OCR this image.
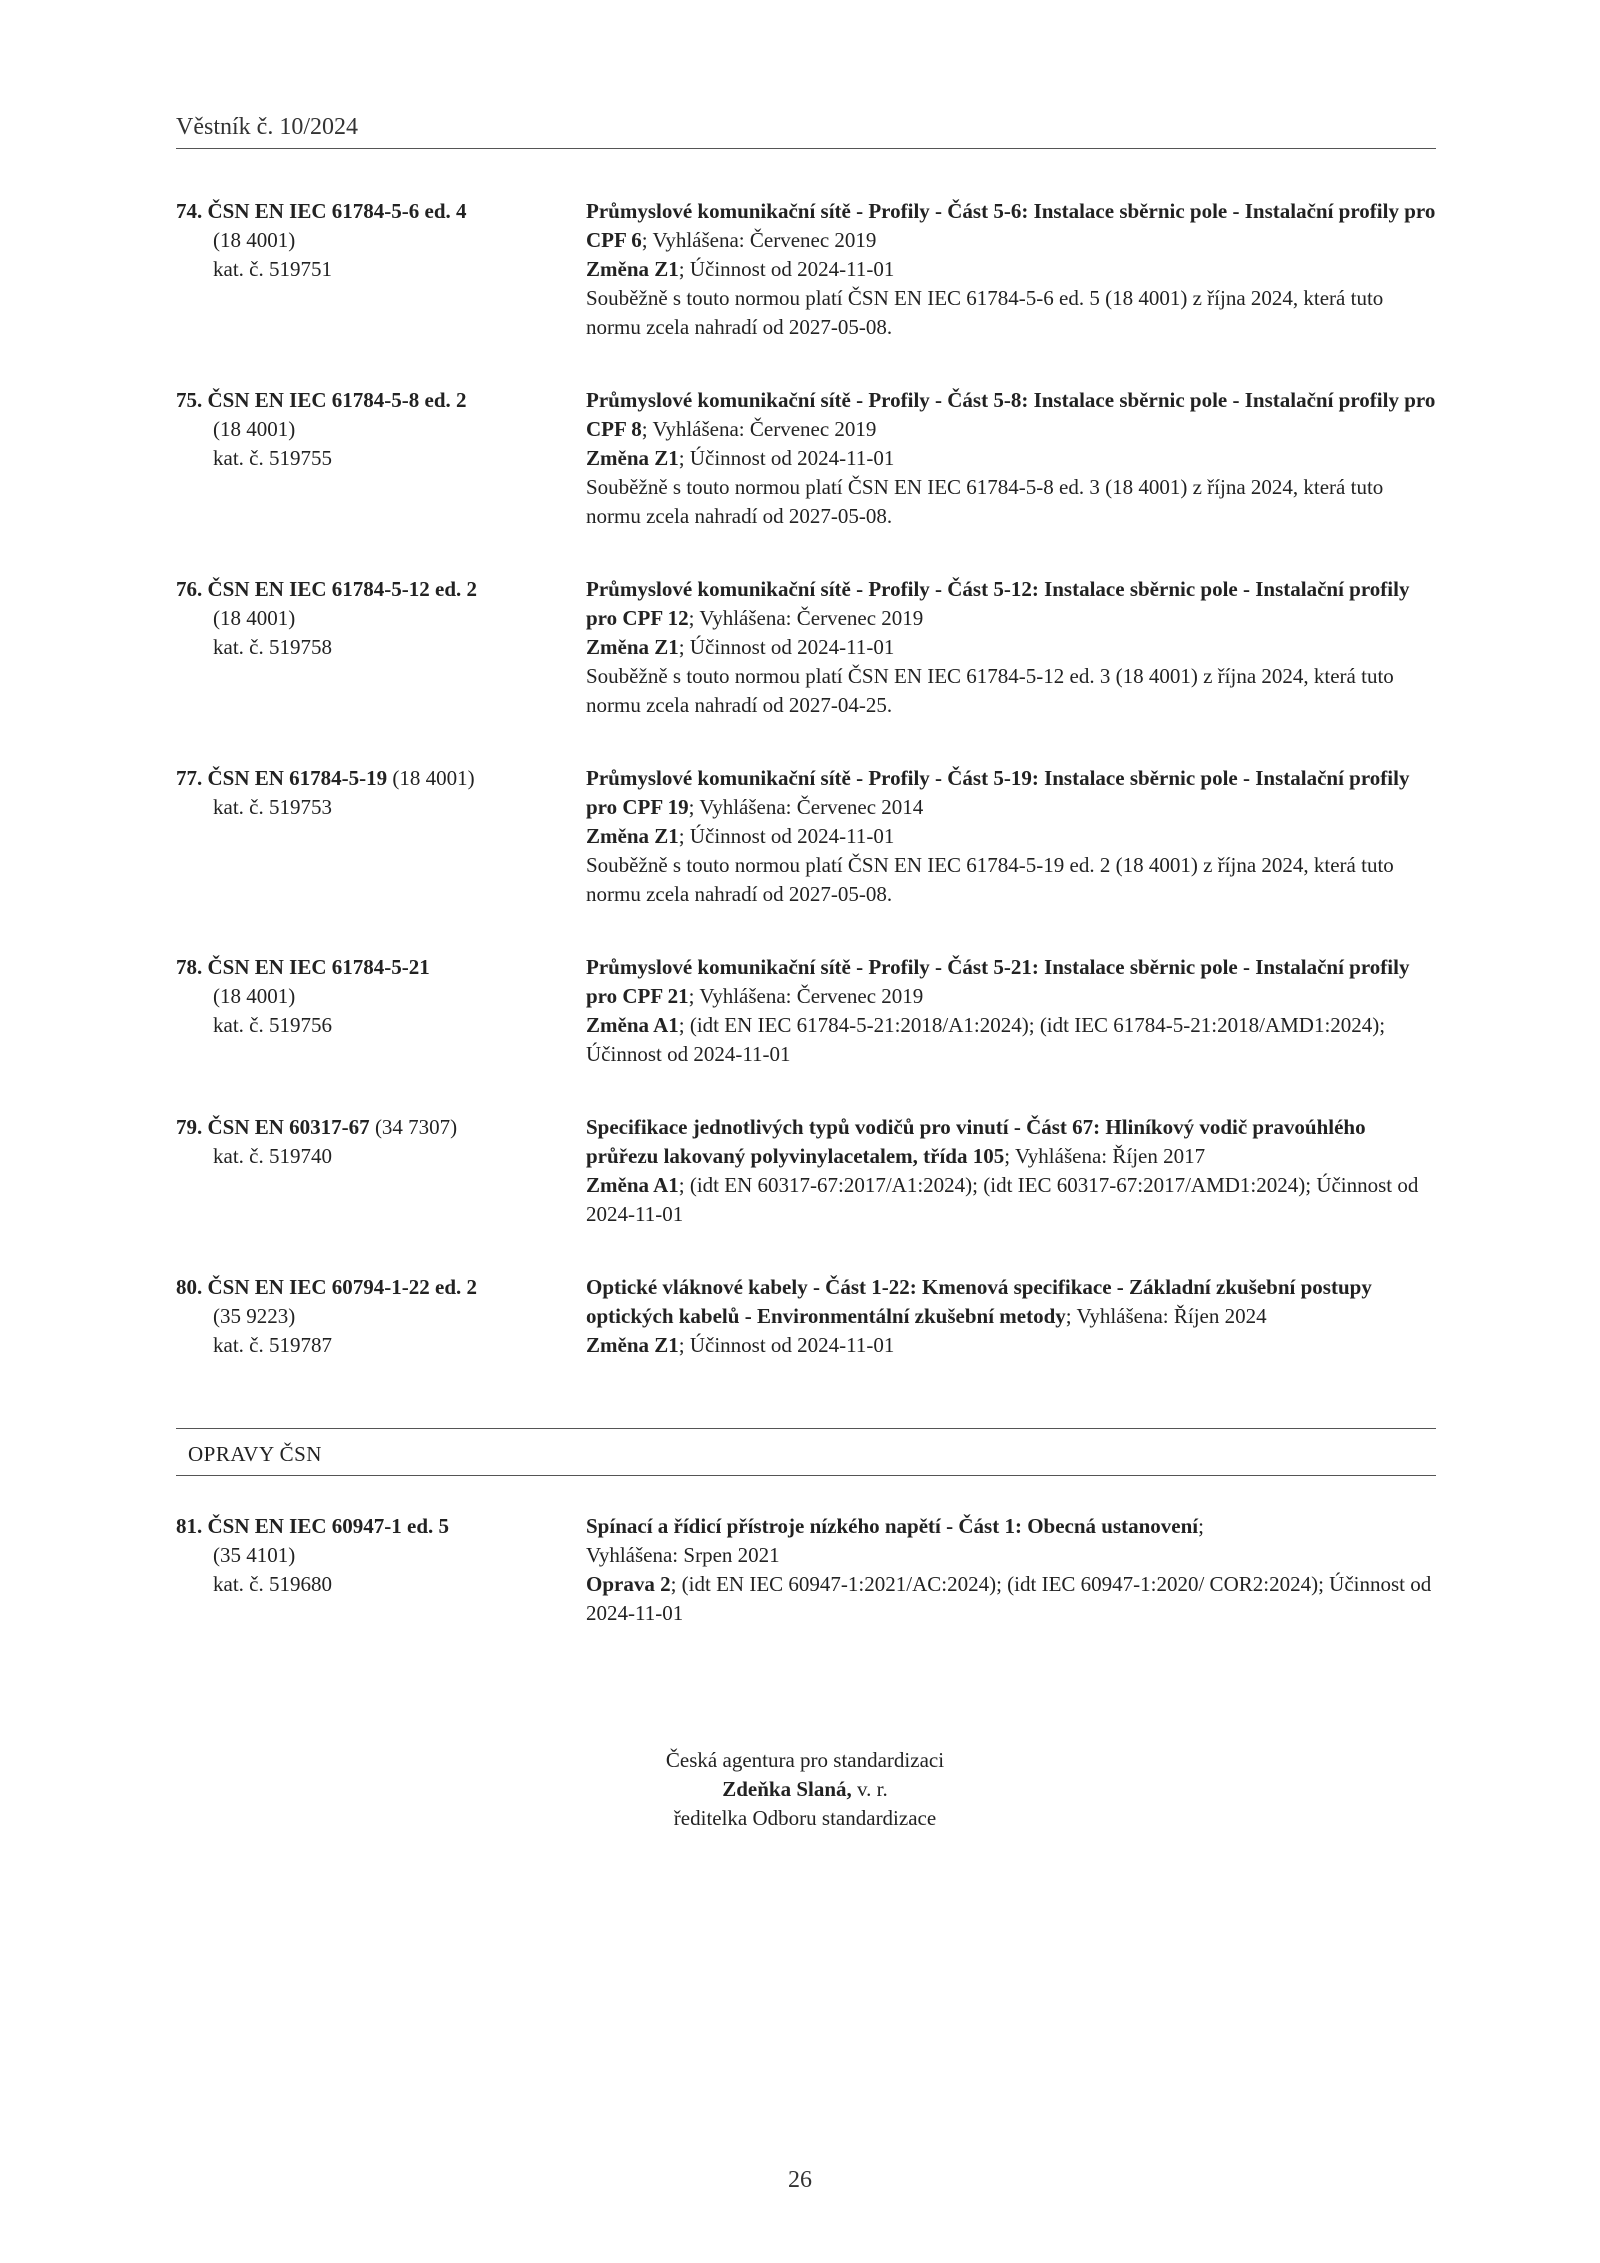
Věstník č. 10/2024
74. ČSN EN IEC 61784-5-6 ed. 4
(18 4001)
kat. č. 519751
Průmyslové komunikační sítě - Profily - Část 5-6: Instalace sběrnic pole - Instalační profily pro CPF 6; Vyhlášena: Červenec 2019
Změna Z1; Účinnost od 2024-11-01
Souběžně s touto normou platí ČSN EN IEC 61784-5-6 ed. 5 (18 4001) z října 2024, která tuto normu zcela nahradí od 2027-05-08.
75. ČSN EN IEC 61784-5-8 ed. 2
(18 4001)
kat. č. 519755
Průmyslové komunikační sítě - Profily - Část 5-8: Instalace sběrnic pole - Instalační profily pro CPF 8; Vyhlášena: Červenec 2019
Změna Z1; Účinnost od 2024-11-01
Souběžně s touto normou platí ČSN EN IEC 61784-5-8 ed. 3 (18 4001) z října 2024, která tuto normu zcela nahradí od 2027-05-08.
76. ČSN EN IEC 61784-5-12 ed. 2
(18 4001)
kat. č. 519758
Průmyslové komunikační sítě - Profily - Část 5-12: Instalace sběrnic pole - Instalační profily pro CPF 12; Vyhlášena: Červenec 2019
Změna Z1; Účinnost od 2024-11-01
Souběžně s touto normou platí ČSN EN IEC 61784-5-12 ed. 3 (18 4001) z října 2024, která tuto normu zcela nahradí od 2027-04-25.
77. ČSN EN 61784-5-19 (18 4001)
kat. č. 519753
Průmyslové komunikační sítě - Profily - Část 5-19: Instalace sběrnic pole - Instalační profily pro CPF 19; Vyhlášena: Červenec 2014
Změna Z1; Účinnost od 2024-11-01
Souběžně s touto normou platí ČSN EN IEC 61784-5-19 ed. 2 (18 4001) z října 2024, která tuto normu zcela nahradí od 2027-05-08.
78. ČSN EN IEC 61784-5-21
(18 4001)
kat. č. 519756
Průmyslové komunikační sítě - Profily - Část 5-21: Instalace sběrnic pole - Instalační profily pro CPF 21; Vyhlášena: Červenec 2019
Změna A1; (idt EN IEC 61784-5-21:2018/A1:2024); (idt IEC 61784-5-21:2018/AMD1:2024); Účinnost od 2024-11-01
79. ČSN EN 60317-67 (34 7307)
kat. č. 519740
Specifikace jednotlivých typů vodičů pro vinutí - Část 67: Hliníkový vodič pravoúhlého průřezu lakovaný polyvinylacetalem, třída 105; Vyhlášena: Říjen 2017
Změna A1; (idt EN 60317-67:2017/A1:2024); (idt IEC 60317-67:2017/AMD1:2024); Účinnost od 2024-11-01
80. ČSN EN IEC 60794-1-22 ed. 2
(35 9223)
kat. č. 519787
Optické vláknové kabely - Část 1-22: Kmenová specifikace - Základní zkušební postupy optických kabelů - Environmentální zkušební metody; Vyhlášena: Říjen 2024
Změna Z1; Účinnost od 2024-11-01
OPRAVY ČSN
81. ČSN EN IEC 60947-1 ed. 5
(35 4101)
kat. č. 519680
Spínací a řídicí přístroje nízkého napětí - Část 1: Obecná ustanovení;
Vyhlášena: Srpen 2021
Oprava 2; (idt EN IEC 60947-1:2021/AC:2024); (idt IEC 60947-1:2020/ COR2:2024); Účinnost od 2024-11-01
Česká agentura pro standardizaci
Zdeňka Slaná, v. r.
ředitelka Odboru standardizace
26
